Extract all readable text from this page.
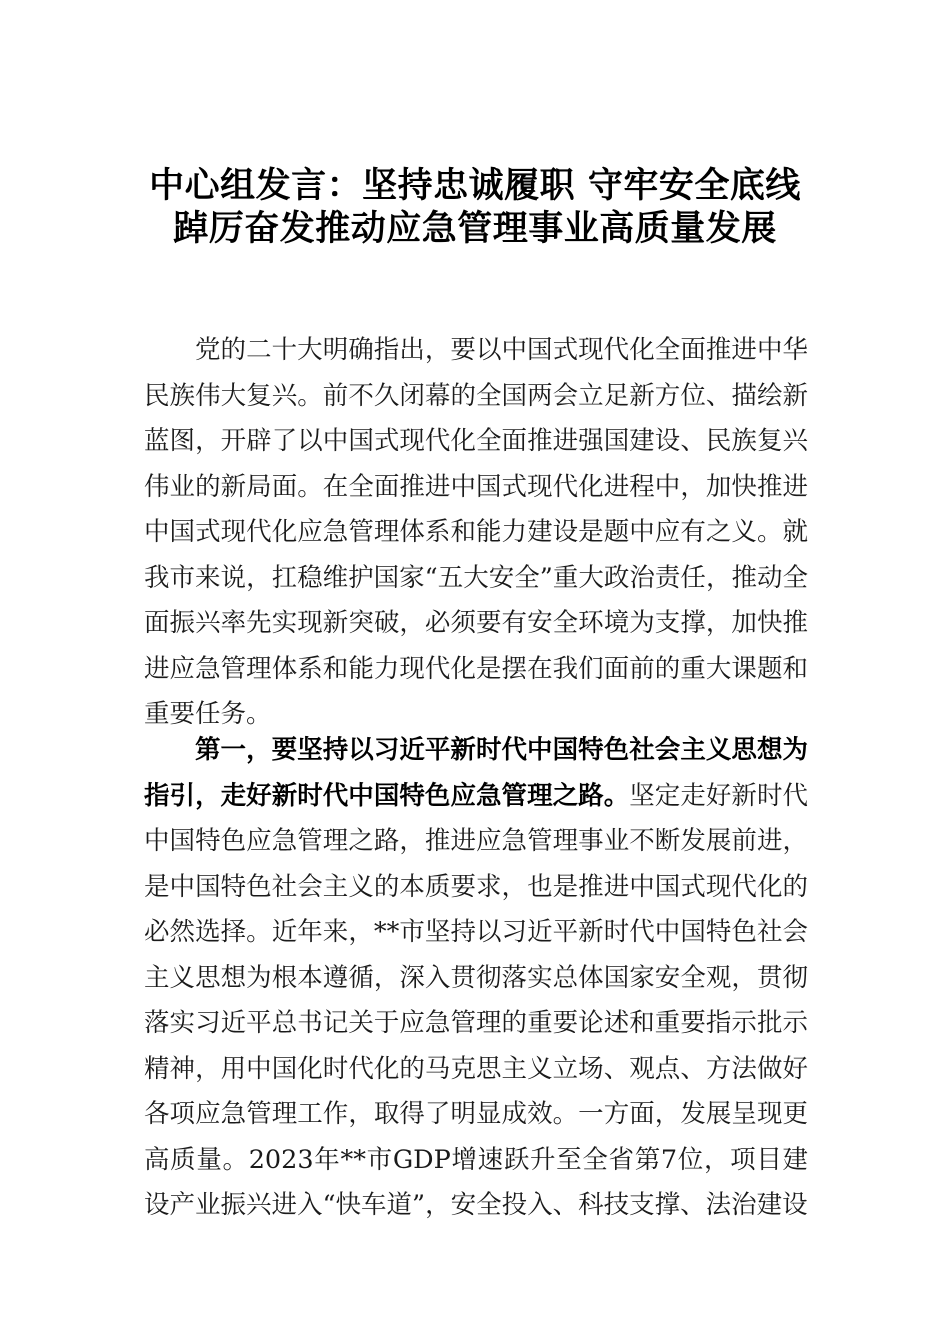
中心组发言：坚持忠诚履职 守牢安全底线
踔厉奋发推动应急管理事业高质量发展

党的二十大明确指出，要以中国式现代化全面推进中华民族伟大复兴。前不久闭幕的全国两会立足新方位、描绘新蓝图，开辟了以中国式现代化全面推进强国建设、民族复兴伟业的新局面。在全面推进中国式现代化进程中，加快推进中国式现代化应急管理体系和能力建设是题中应有之义。就我市来说，扛稳维护国家“五大安全”重大政治责任，推动全面振兴率先实现新突破，必须要有安全环境为支撑，加快推进应急管理体系和能力现代化是摆在我们面前的重大课题和重要任务。

第一，要坚持以习近平新时代中国特色社会主义思想为指引，走好新时代中国特色应急管理之路。坚定走好新时代中国特色应急管理之路，推进应急管理事业不断发展前进，是中国特色社会主义的本质要求，也是推进中国式现代化的必然选择。近年来，**市坚持以习近平新时代中国特色社会主义思想为根本遵循，深入贯彻落实总体国家安全观，贯彻落实习近平总书记关于应急管理的重要论述和重要指示批示精神，用中国化时代化的马克思主义立场、观点、方法做好各项应急管理工作，取得了明显成效。一方面，发展呈现更高质量。2023年**市GDP增速跃升至全省第7位，项目建设产业振兴进入“快车道”，安全投入、科技支撑、法治建设
